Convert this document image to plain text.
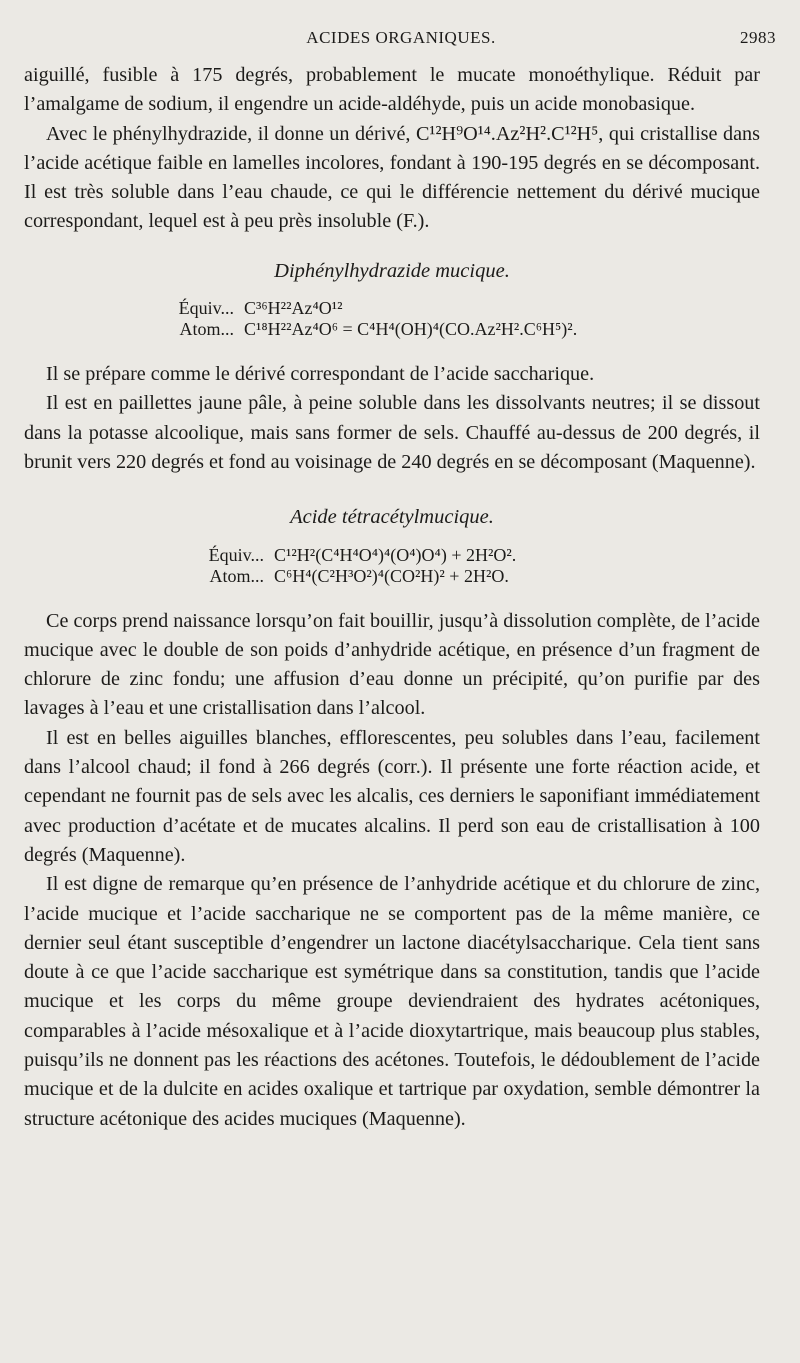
ACIDES ORGANIQUES.	2983

aiguillé, fusible à 175 degrés, probablement le mucate monoéthylique. Réduit par l’amalgame de sodium, il engendre un acide-aldéhyde, puis un acide monobasique.

Avec le phénylhydrazide, il donne un dérivé, C¹²H⁹O¹⁴.Az²H².C¹²H⁵, qui cristallise dans l’acide acétique faible en lamelles incolores, fondant à 190-195 degrés en se décomposant. Il est très soluble dans l’eau chaude, ce qui le différencie nettement du dérivé mucique correspondant, lequel est à peu près insoluble (F.).

Diphénylhydrazide mucique.
Équiv... C³⁶H²²Az⁴O¹²
Atom... C¹⁸H²²Az⁴O⁶ = C⁴H⁴(OH)⁴(CO.Az²H².C⁶H⁵)².

Il se prépare comme le dérivé correspondant de l’acide saccharique.

Il est en paillettes jaune pâle, à peine soluble dans les dissolvants neutres; il se dissout dans la potasse alcoolique, mais sans former de sels. Chauffé au-dessus de 200 degrés, il brunit vers 220 degrés et fond au voisinage de 240 degrés en se décomposant (Maquenne).

Acide tétracétylmucique.
Équiv... C¹²H²(C⁴H⁴O⁴)⁴(O⁴)O⁴) + 2H²O².
Atom... C⁶H⁴(C²H³O²)⁴(CO²H)² + 2H²O.

Ce corps prend naissance lorsqu’on fait bouillir, jusqu’à dissolution complète, de l’acide mucique avec le double de son poids d’anhydride acétique, en présence d’un fragment de chlorure de zinc fondu; une affusion d’eau donne un précipité, qu’on purifie par des lavages à l’eau et une cristallisation dans l’alcool.

Il est en belles aiguilles blanches, efflorescentes, peu solubles dans l’eau, facilement dans l’alcool chaud; il fond à 266 degrés (corr.). Il présente une forte réaction acide, et cependant ne fournit pas de sels avec les alcalis, ces derniers le saponifiant immédiatement avec production d’acétate et de mucates alcalins. Il perd son eau de cristallisation à 100 degrés (Maquenne).

Il est digne de remarque qu’en présence de l’anhydride acétique et du chlorure de zinc, l’acide mucique et l’acide saccharique ne se comportent pas de la même manière, ce dernier seul étant susceptible d’engendrer un lactone diacétylsaccharique. Cela tient sans doute à ce que l’acide saccharique est symétrique dans sa constitution, tandis que l’acide mucique et les corps du même groupe deviendraient des hydrates acétoniques, comparables à l’acide mésoxalique et à l’acide dioxytartrique, mais beaucoup plus stables, puisqu’ils ne donnent pas les réactions des acétones. Toutefois, le dédoublement de l’acide mucique et de la dulcite en acides oxalique et tartrique par oxydation, semble démontrer la structure acétonique des acides muciques (Maquenne).
